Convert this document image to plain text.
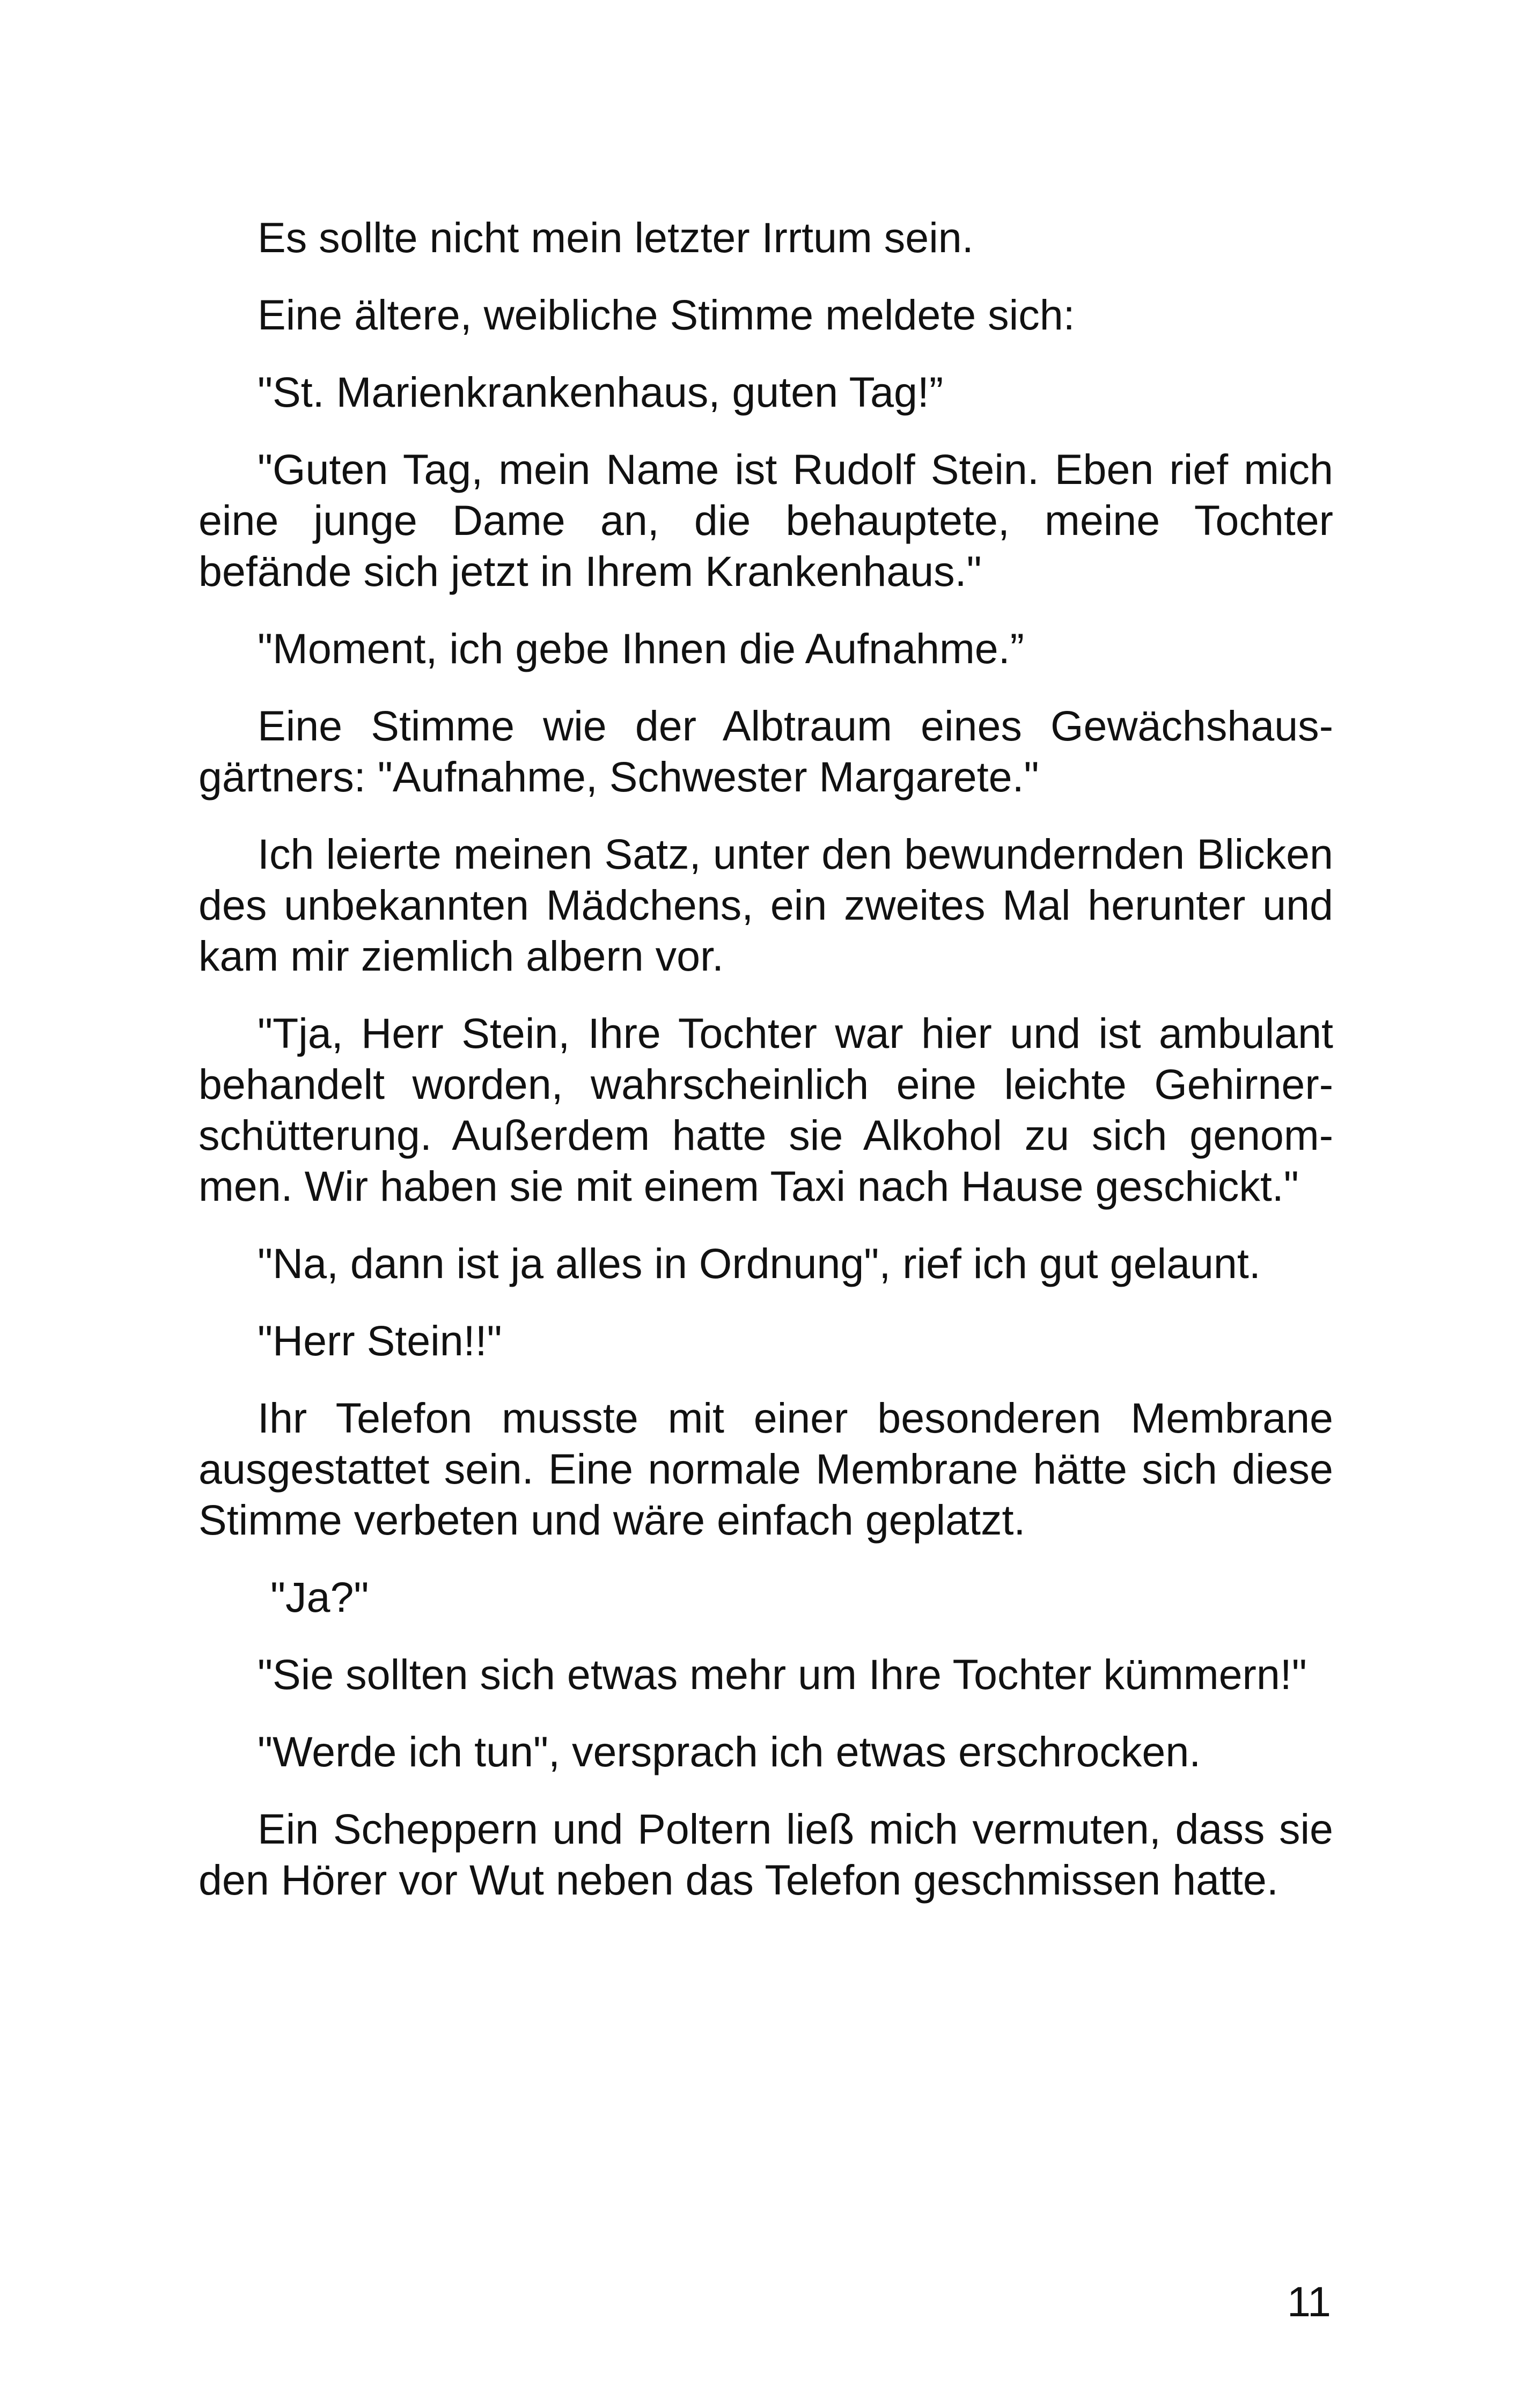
Es sollte nicht mein letzter Irrtum sein.

Eine ältere, weibliche Stimme meldete sich:

"St. Marienkrankenhaus, guten Tag!”

"Guten Tag, mein Name ist Rudolf Stein. Eben rief mich eine junge Dame an, die behauptete, meine Tochter befände sich jetzt in Ihrem Krankenhaus."

"Moment, ich gebe Ihnen die Aufnahme.”

Eine Stimme wie der Albtraum eines Gewächshausgärtners: "Aufnahme, Schwester Margarete."

Ich leierte meinen Satz, unter den bewundernden Blicken des unbekannten Mädchens, ein zweites Mal herunter und kam mir ziemlich albern vor.

"Tja, Herr Stein, Ihre Tochter war hier und ist ambulant behandelt worden, wahrscheinlich eine leichte Gehirnerschütterung. Außerdem hatte sie Alkohol zu sich genommen. Wir haben sie mit einem Taxi nach Hause geschickt."

"Na, dann ist ja alles in Ordnung", rief ich gut gelaunt.

"Herr Stein!!"

Ihr Telefon musste mit einer besonderen Membrane ausgestattet sein. Eine normale Membrane hätte sich diese Stimme verbeten und wäre einfach geplatzt.

"Ja?"

"Sie sollten sich etwas mehr um Ihre Tochter kümmern!"

"Werde ich tun", versprach ich etwas erschrocken.

Ein Scheppern und Poltern ließ mich vermuten, dass sie den Hörer vor Wut neben das Telefon geschmissen hatte.

11
